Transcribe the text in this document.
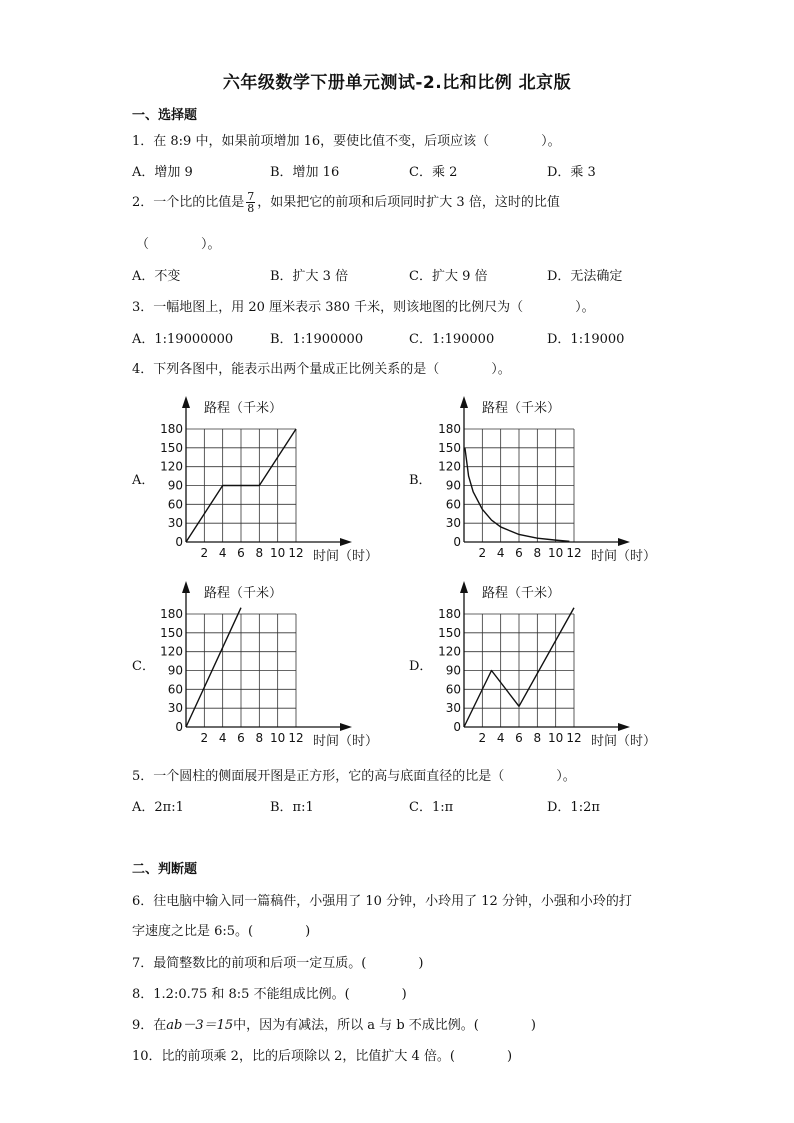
六年级数学下册单元测试-2.比和比例 北京版
一、选择题
1．在 8:9 中，如果前项增加 16，要使比值不变，后项应该（　　　　）。
A．增加 9	B．增加 16	C．乘 2	D．乘 3
2．一个比的比值是 $\frac{7}{8}$ ，如果把它的前项和后项同时扩大 3 倍，这时的比值
（　　　　）。
A．不变	B．扩大 3 倍	C．扩大 9 倍	D．无法确定
3．一幅地图上，用 20 厘米表示 380 千米，则该地图的比例尺为（　　　　）。
A．1:19000000	B．1:1900000	C．1:190000	D．1:19000
4．下列各图中，能表示出两个量成正比例关系的是（　　　　）。
A．	B．
C．	D．
0
30
60
90
120
150
180
2 4 6 8 10 12
路程（千米）
时间（时）
0
30
60
90
120
150
180
2 4 6 8 10 12
路程（千米）
时间（时）
0
30
60
90
120
150
180
2 4 6 8 10 12
路程（千米）
时间（时）
0
30
60
90
120
150
180
2 4 6 8 10 12
路程（千米）
时间（时）
5．一个圆柱的侧面展开图是正方形，它的高与底面直径的比是（　　　　）。
A．2π:1	B．π:1	C．1:π	D．1:2π
二、判断题
6．往电脑中输入同一篇稿件，小强用了 10 分钟，小玲用了 12 分钟，小强和小玲的打
字速度之比是 6:5。(　　　　)
7．最简整数比的前项和后项一定互质。(　　　　)
8．1.2:0.75 和 8:5 不能组成比例。(　　　　)
9．在ab－3＝15中，因为有减法，所以 a 与 b 不成比例。(　　　　)
10．比的前项乘 2，比的后项除以 2，比值扩大 4 倍。(　　　　)
